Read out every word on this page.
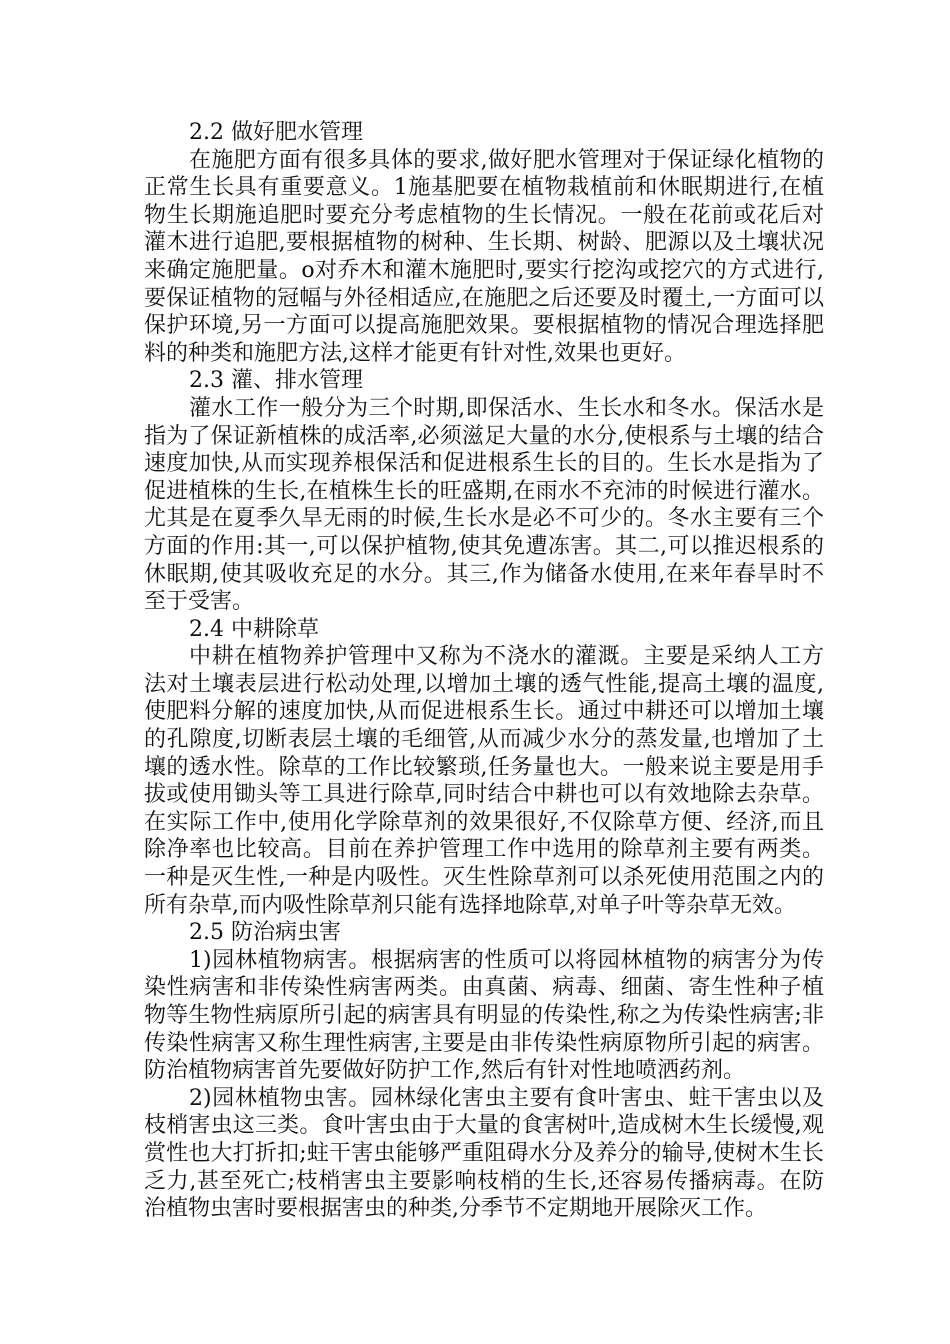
2.2 做好肥水管理

在施肥方面有很多具体的要求,做好肥水管理对于保证绿化植物的正常生长具有重要意义。1施基肥要在植物栽植前和休眠期进行,在植物生长期施追肥时要充分考虑植物的生长情况。一般在花前或花后对灌木进行追肥,要根据植物的树种、生长期、树龄、肥源以及土壤状况来确定施肥量。o对乔木和灌木施肥时,要实行挖沟或挖穴的方式进行,要保证植物的冠幅与外径相适应,在施肥之后还要及时覆土,一方面可以保护环境,另一方面可以提高施肥效果。要根据植物的情况合理选择肥料的种类和施肥方法,这样才能更有针对性,效果也更好。

2.3 灌、排水管理

灌水工作一般分为三个时期,即保活水、生长水和冬水。保活水是指为了保证新植株的成活率,必须滋足大量的水分,使根系与土壤的结合速度加快,从而实现养根保活和促进根系生长的目的。生长水是指为了促进植株的生长,在植株生长的旺盛期,在雨水不充沛的时候进行灌水。尤其是在夏季久旱无雨的时候,生长水是必不可少的。冬水主要有三个方面的作用:其一,可以保护植物,使其免遭冻害。其二,可以推迟根系的休眠期,使其吸收充足的水分。其三,作为储备水使用,在来年春旱时不至于受害。

2.4 中耕除草

中耕在植物养护管理中又称为不浇水的灌溉。主要是采纳人工方法对土壤表层进行松动处理,以增加土壤的透气性能,提高土壤的温度,使肥料分解的速度加快,从而促进根系生长。通过中耕还可以增加土壤的孔隙度,切断表层土壤的毛细管,从而减少水分的蒸发量,也增加了土壤的透水性。除草的工作比较繁琐,任务量也大。一般来说主要是用手拔或使用锄头等工具进行除草,同时结合中耕也可以有效地除去杂草。在实际工作中,使用化学除草剂的效果很好,不仅除草方便、经济,而且除净率也比较高。目前在养护管理工作中选用的除草剂主要有两类。一种是灭生性,一种是内吸性。灭生性除草剂可以杀死使用范围之内的所有杂草,而内吸性除草剂只能有选择地除草,对单子叶等杂草无效。

2.5 防治病虫害

1)园林植物病害。根据病害的性质可以将园林植物的病害分为传染性病害和非传染性病害两类。由真菌、病毒、细菌、寄生性种子植物等生物性病原所引起的病害具有明显的传染性,称之为传染性病害;非传染性病害又称生理性病害,主要是由非传染性病原物所引起的病害。防治植物病害首先要做好防护工作,然后有针对性地喷洒药剂。

2)园林植物虫害。园林绿化害虫主要有食叶害虫、蛀干害虫以及枝梢害虫这三类。食叶害虫由于大量的食害树叶,造成树木生长缓慢,观赏性也大打折扣;蛀干害虫能够严重阻碍水分及养分的输导,使树木生长乏力,甚至死亡;枝梢害虫主要影响枝梢的生长,还容易传播病毒。在防治植物虫害时要根据害虫的种类,分季节不定期地开展除灭工作。
